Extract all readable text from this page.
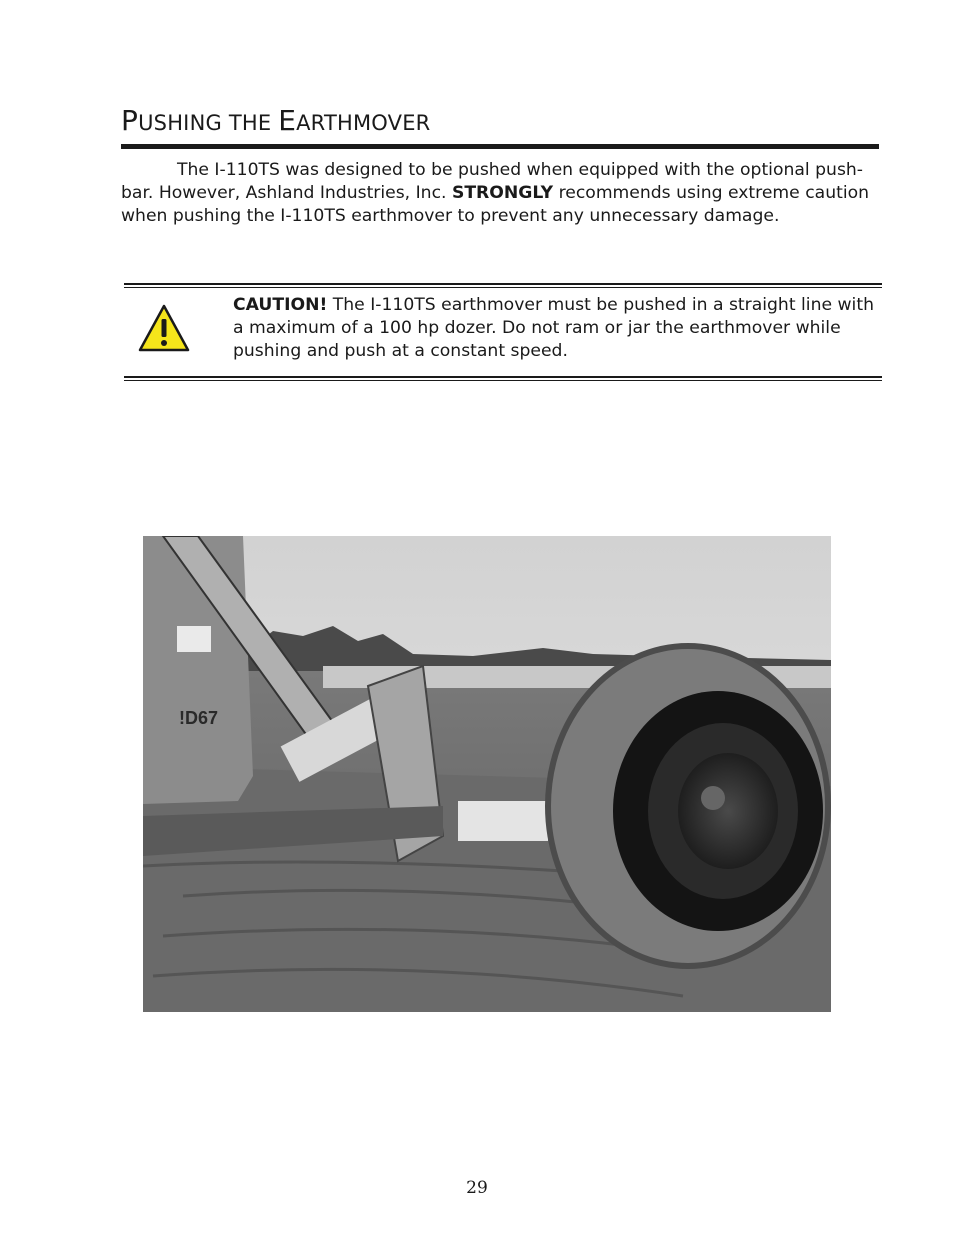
PUSHING THE EARTHMOVER

The I-110TS was designed to be pushed when equipped with the optional push-bar. However, Ashland Industries, Inc. STRONGLY recommends using extreme caution when pushing the I-110TS earthmover to prevent any unnecessary damage.

CAUTION! The I-110TS earthmover must be pushed in a straight line with a maximum of a 100 hp dozer. Do not ram or jar the earthmover while pushing and push at a constant speed.

!D67
29
